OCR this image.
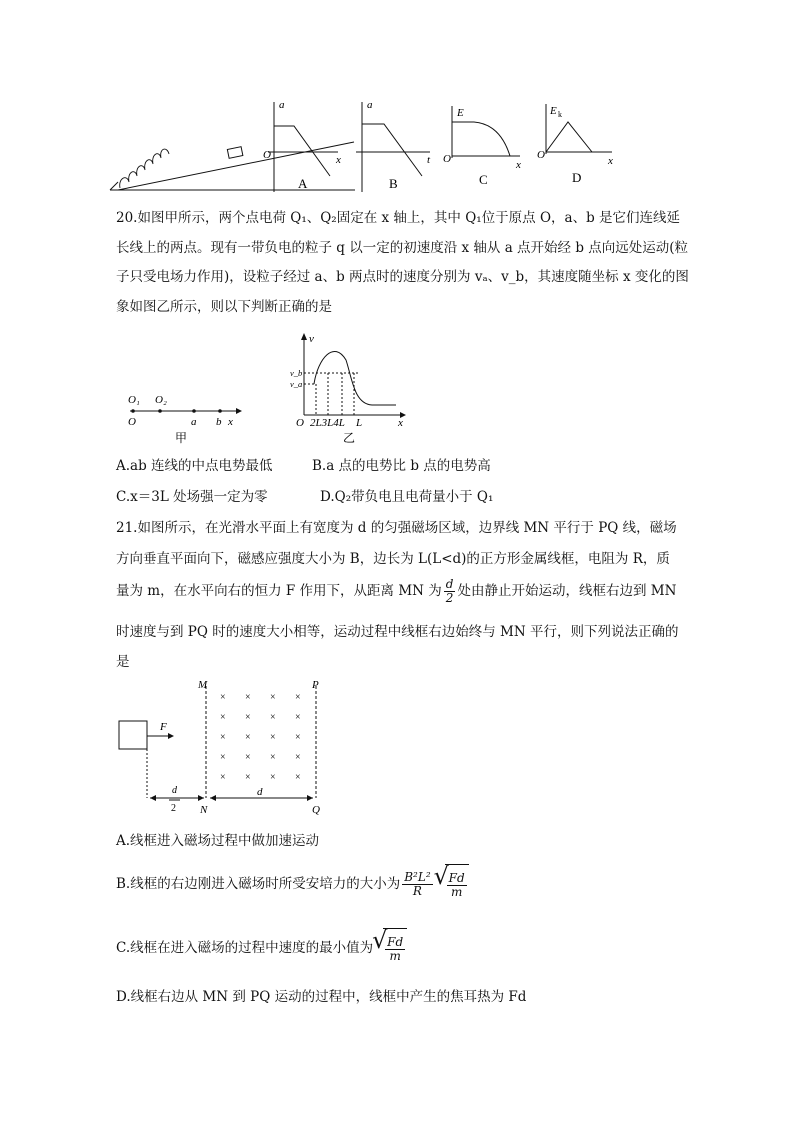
a
x
O
A
a
t
B
E
x
O
C
E k
x
O
D
20.如图甲所示，两个点电荷 Q₁、Q₂固定在 x 轴上，其中 Q₁位于原点 O，a、b 是它们连线延
长线上的两点。现有一带负电的粒子 q 以一定的初速度沿 x 轴从 a 点开始经 b 点向远处运动(粒
子只受电场力作用)，设粒子经过 a、b 两点时的速度分别为 vₐ、v_b，其速度随坐标 x 变化的图
象如图乙所示，则以下判断正确的是
O₁ O₂
O	a b x
甲
v
v_b
v_a
O 2L3L4L L	x
乙
A.ab 连线的中点电势最低	B.a 点的电势比 b 点的电势高
C.x＝3L 处场强一定为零	D.Q₂带负电且电荷量小于 Q₁
21.如图所示，在光滑水平面上有宽度为 d 的匀强磁场区域，边界线 MN 平行于 PQ 线，磁场
方向垂直平面向下，磁感应强度大小为 B，边长为 L(L<d)的正方形金属线框，电阻为 R，质
量为 m，在水平向右的恒力 F 作用下，从距离 MN 为 $\frac{d}{2}$ 处由静止开始运动，线框右边到 MN
时速度与到 PQ 时的速度大小相等，运动过程中线框右边始终与 MN 平行，则下列说法正确的
是
F
M	P
N	Q
× × × ×
× × × ×
× × × ×
× × × ×
× × × ×
d
2
d
A.线框进入磁场过程中做加速运动
B.线框的右边刚进入磁场时所受安培力的大小为 $\frac{\text{B²L²}}{R}$ √ $\frac{Fd}{m}$
C.线框在进入磁场的过程中速度的最小值为 √ $\frac{Fd}{m}$
D.线框右边从 MN 到 PQ 运动的过程中，线框中产生的焦耳热为 Fd
